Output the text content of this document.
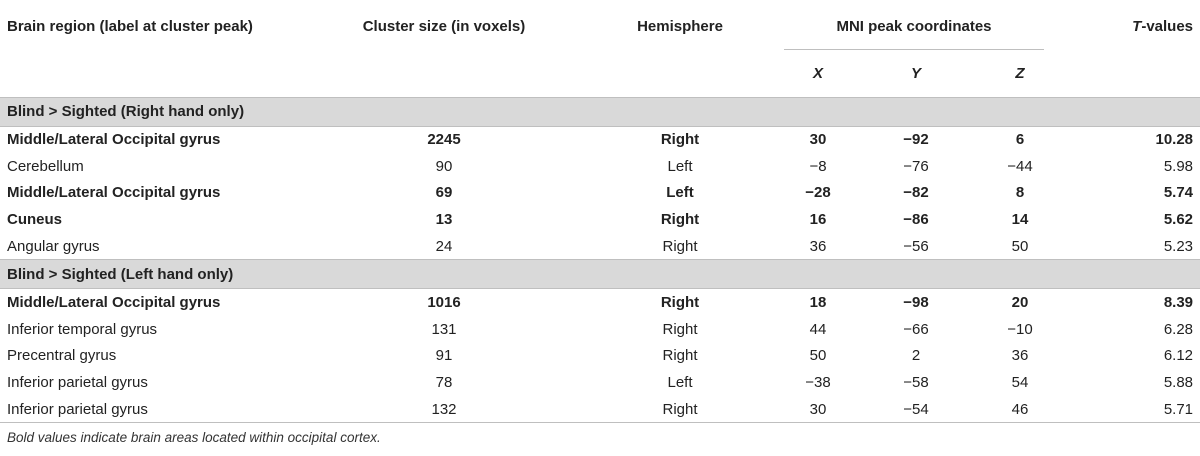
Brain region (label at cluster peak)	Cluster size (in voxels)	Hemisphere	MNI peak coordinates			T-values
			X	Y	Z	
Blind > Sighted (Right hand only)						
Middle/Lateral Occipital gyrus	2245	Right	30	−92	6	10.28
Cerebellum	90	Left	−8	−76	−44	5.98
Middle/Lateral Occipital gyrus	69	Left	−28	−82	8	5.74
Cuneus	13	Right	16	−86	14	5.62
Angular gyrus	24	Right	36	−56	50	5.23
Blind > Sighted (Left hand only)						
Middle/Lateral Occipital gyrus	1016	Right	18	−98	20	8.39
Inferior temporal gyrus	131	Right	44	−66	−10	6.28
Precentral gyrus	91	Right	50	2	36	6.12
Inferior parietal gyrus	78	Left	−38	−58	54	5.88
Inferior parietal gyrus	132	Right	30	−54	46	5.71
Bold values indicate brain areas located within occipital cortex.
